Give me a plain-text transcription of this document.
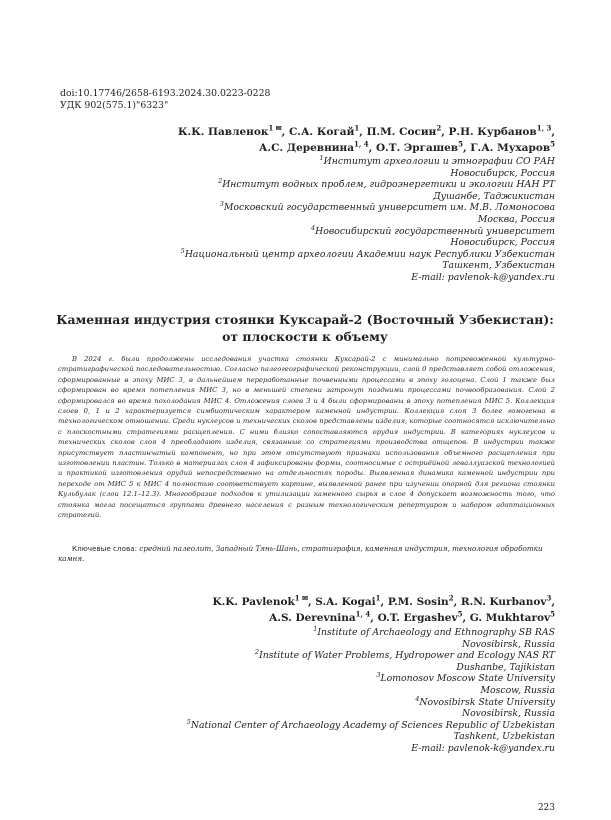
doi:10.17746/2658-6193.2024.30.0223-0228
УДК 902(575.1)"6323"
К.К. Павленок$^{1 ✉}$, С.А. Когай$^1$, П.М. Сосин$^2$, Р.Н. Курбанов$^{1, 3}$,
А.С. Деревнина$^{1, 4}$, О.Т. Эргашев$^5$, Г.А. Мухаров$^5$
$^1$Институт археологии и этнографии СО РАН
Новосибирск, Россия
$^2$Институт водных проблем, гидроэнергетики и экологии НАН РТ
Душанбе, Таджикистан
$^3$Московский государственный университет им. М.В. Ломоносова
Москва, Россия
$^4$Новосибирский государственный университет
Новосибирск, Россия
$^5$Национальный центр археологии Академии наук Республики Узбекистан
Ташкент, Узбекистан
E-mail: pavlenok-k@yandex.ru
Каменная индустрия стоянки Куксарай-2 (Восточный Узбекистан):
от плоскости к объему

В 2024 г. были продолжены исследования участка стоянки Куксарай-2 с минимально потревоженной культурно-стратиграфической последовательностью. Согласно палеогеографической реконструкции, слой 0 представляет собой отложения, сформированные в эпоху МИС 3, в дальнейшем переработанные почвенными процессами в эпоху голоцена. Слой 1 также был сформирован во время потепления МИС 3, но в меньшей степени затронут поздними процессами почвообразования. Слой 2 сформировался во время похолодания МИС 4. Отложения слоев 3 и 4 были сформированы в эпоху потепления МИС 5. Коллекция слоев 0, 1 и 2 характеризуется симбиотическим характером каменной индустрии. Коллекция слоя 3 более гомогенна в технологическом отношении. Среди нуклеусов и технических сколов представлены изделия, которые соотносятся исключительно с плоскостными стратегиями расщепления. С ними близко сопоставляются орудия индустрии. В категориях нуклеусов и технических сколов слоя 4 преобладают изделия, связанные со стратегиями производства отщепов. В индустрии также присутствует пластинчатый компонент, но при этом отсутствуют признаки использования объемного расщепления при изготовлении пластин. Только в материалах слоя 4 зафиксированы формы, соотносимые с остриёйной леваллуазской технологией и практикой изготовления орудий непосредственно на отдельностях породы. Выявленная динамика каменной индустрии при переходе от МИС 5 к МИС 4 полностью соответствует картине, выявленной ранее при изучении опорной для региона стоянки Кульбулак (слои 12.1–12.3). Многообразие подходов к утилизации каменного сырья в слое 4 допускает возможность того, что стоянка могла посещаться группами древнего населения с разным технологическим репертуаром и набором адаптационных стратегий.

Ключевые слова: средний палеолит, Западный Тянь-Шань, стратиграфия, каменная индустрия, технология обработки камня.

K.K. Pavlenok$^{1 ✉}$, S.A. Kogai$^1$, P.M. Sosin$^2$, R.N. Kurbanov$^3$,
A.S. Derevnina$^{1, 4}$, O.T. Ergashev$^5$, G. Mukhtarov$^5$
$^1$Institute of Archaeology and Ethnography SB RAS
Novosibirsk, Russia
$^2$Institute of Water Problems, Hydropower and Ecology NAS RT
Dushanbe, Tajikistan
$^3$Lomonosov Moscow State University
Moscow, Russia
$^4$Novosibirsk State University
Novosibirsk, Russia
$^5$National Center of Archaeology Academy of Sciences Republic of Uzbekistan
Tashkent, Uzbekistan
E-mail: pavlenok-k@yandex.ru
223
